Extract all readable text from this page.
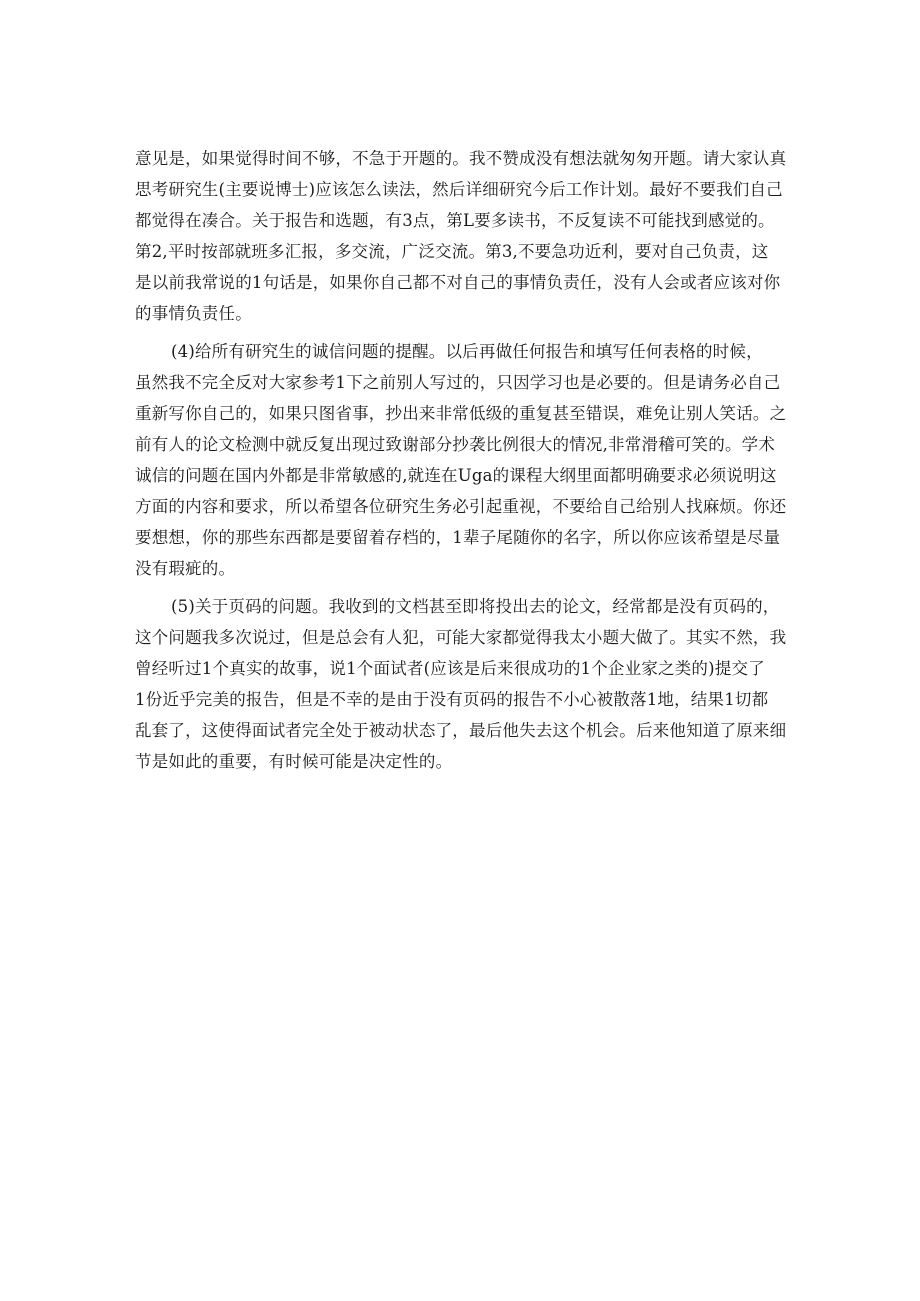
意见是，如果觉得时间不够，不急于开题的。我不赞成没有想法就匆匆开题。请大家认真
思考研究生(主要说博士)应该怎么读法，然后详细研究今后工作计划。最好不要我们自己
都觉得在凑合。关于报告和选题，有3点，第L要多读书，不反复读不可能找到感觉的。
第2,平时按部就班多汇报，多交流，广泛交流。第3,不要急功近利，要对自己负责，这
是以前我常说的1句话是，如果你自己都不对自己的事情负责任，没有人会或者应该对你
的事情负责任。
(4)给所有研究生的诚信问题的提醒。以后再做任何报告和填写任何表格的时候，
虽然我不完全反对大家参考1下之前别人写过的，只因学习也是必要的。但是请务必自己
重新写你自己的，如果只图省事，抄出来非常低级的重复甚至错误，难免让别人笑话。之
前有人的论文检测中就反复出现过致谢部分抄袭比例很大的情况,非常滑稽可笑的。学术
诚信的问题在国内外都是非常敏感的,就连在Uga的课程大纲里面都明确要求必须说明这
方面的内容和要求，所以希望各位研究生务必引起重视，不要给自己给别人找麻烦。你还
要想想，你的那些东西都是要留着存档的，1辈子尾随你的名字，所以你应该希望是尽量
没有瑕疵的。
(5)关于页码的问题。我收到的文档甚至即将投出去的论文，经常都是没有页码的，
这个问题我多次说过，但是总会有人犯，可能大家都觉得我太小题大做了。其实不然，我
曾经听过1个真实的故事，说1个面试者(应该是后来很成功的1个企业家之类的)提交了
1份近乎完美的报告，但是不幸的是由于没有页码的报告不小心被散落1地，结果1切都
乱套了，这使得面试者完全处于被动状态了，最后他失去这个机会。后来他知道了原来细
节是如此的重要，有时候可能是决定性的。
